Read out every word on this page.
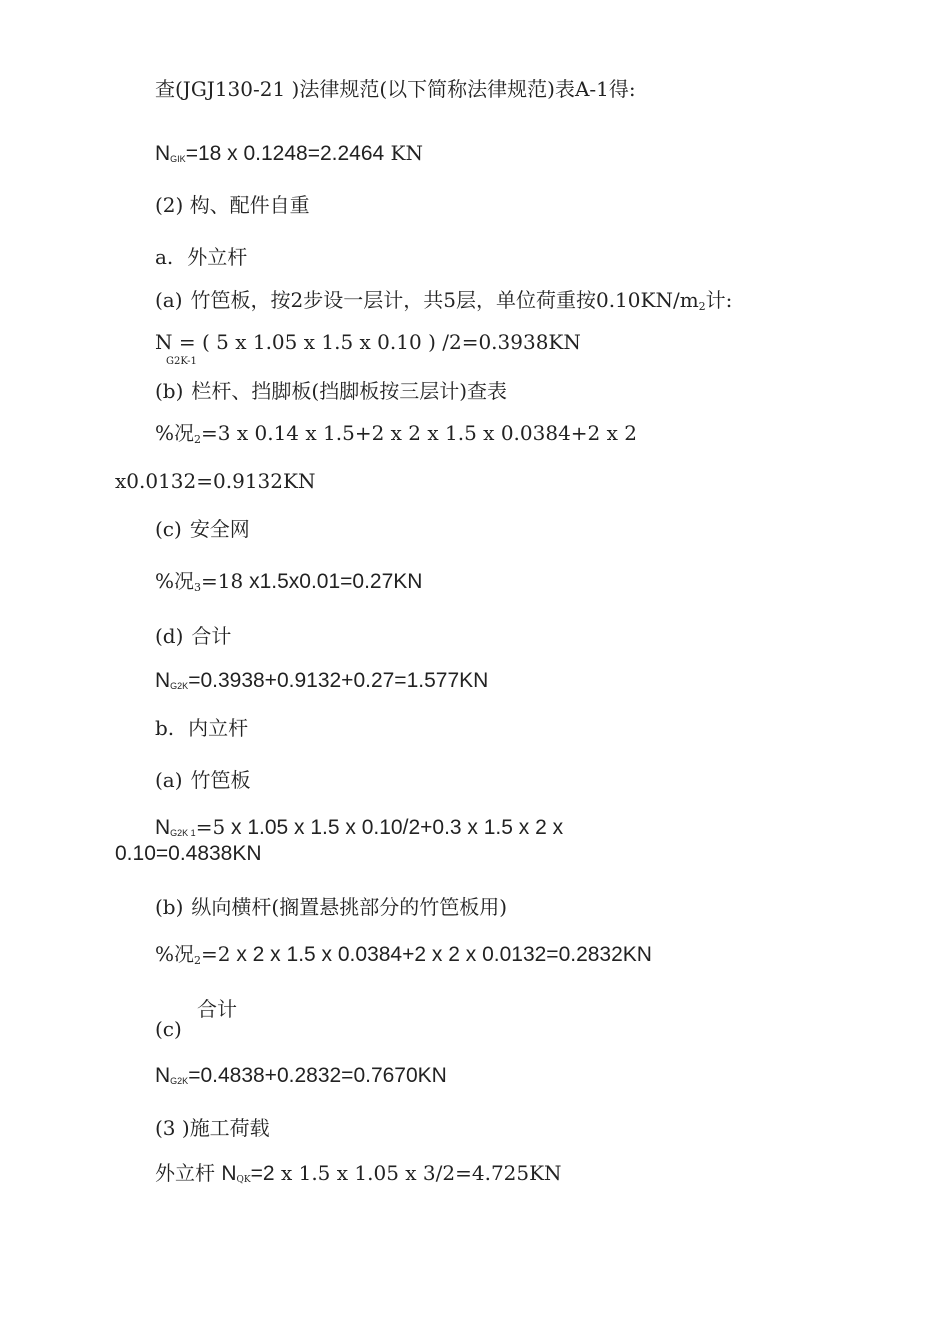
查(JGJ130-21 )法律规范(以下简称法律规范)表A-1得:
$N_{GIK}=18$ x 0.1248=2.2464 KN
(2) 构、配件自重
a. 外立杆
(a) 竹笆板，按2步设一层计，共5层，单位荷重按0.10KN/m2计:
N = ( 5 x 1.05 x 1.5 x 0.10 ) /2=0.3938KN
G2K-1
(b) 栏杆、挡脚板(挡脚板按三层计)查表
%况2=3 x 0.14 x 1.5+2 x 2 x 1.5 x 0.0384+2 x 2
x0.0132=0.9132KN
(c) 安全网
%况3=18 x1.5x0.01=0.27KN
(d) 合计
$N_{G2K}=0.3938+0.9132+0.27=1.577KN$
b. 内立杆
(a) 竹笆板
$N_{G2K 1}=5$ x 1.05 x 1.5 x 0.10/2+0.3 x 1.5 x 2 x
0.10=0.4838KN
(b) 纵向横杆(搁置悬挑部分的竹笆板用)
%况2=2 x 2 x 1.5 x 0.0384+2 x 2 x 0.0132=0.2832KN
合计
(c)
$N_{G2K}=0.4838+0.2832=0.7670KN$
(3 )施工荷载
外立杆 $N_{QK}=2$ x 1.5 x 1.05 x 3/2=4.725KN
